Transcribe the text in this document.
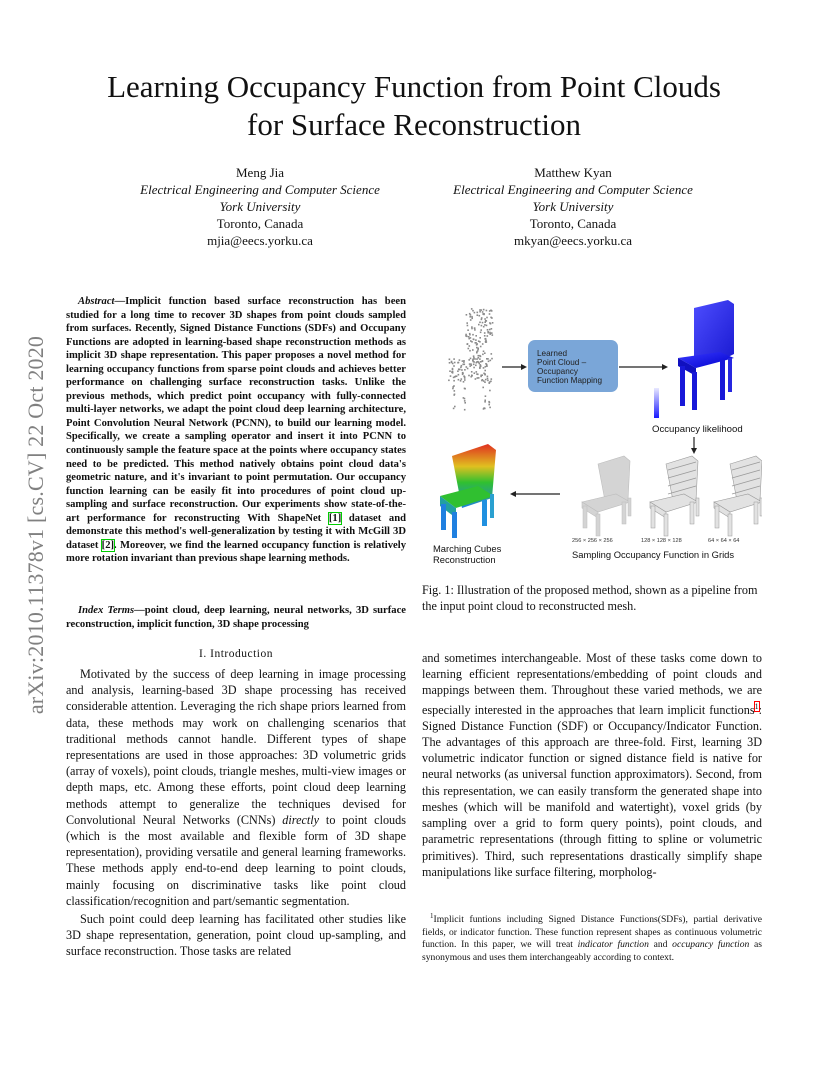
arXiv:2010.11378v1 [cs.CV] 22 Oct 2020
Learning Occupancy Function from Point Clouds
for Surface Reconstruction
Meng Jia
Electrical Engineering and Computer Science
York University
Toronto, Canada
mjia@eecs.yorku.ca
Matthew Kyan
Electrical Engineering and Computer Science
York University
Toronto, Canada
mkyan@eecs.yorku.ca
Abstract—Implicit function based surface reconstruction has been studied for a long time to recover 3D shapes from point clouds sampled from surfaces. Recently, Signed Distance Functions (SDFs) and Occupany Functions are adopted in learning-based shape reconstruction methods as implicit 3D shape representation. This paper proposes a novel method for learning occupancy functions from sparse point clouds and achieves better performance on challenging surface reconstruction tasks. Unlike the previous methods, which predict point occupancy with fully-connected multi-layer networks, we adapt the point cloud deep learning architecture, Point Convolution Neural Network (PCNN), to build our learning model. Specifically, we create a sampling operator and insert it into PCNN to continuously sample the feature space at the points where occupancy states need to be predicted. This method natively obtains point cloud data's geometric nature, and it's invariant to point permutation. Our occupancy function learning can be easily fit into procedures of point cloud up-sampling and surface reconstruction. Our experiments show state-of-the-art performance for reconstructing With ShapeNet [1] dataset and demonstrate this method's well-generalization by testing it with McGill 3D dataset [2]. Moreover, we find the learned occupancy function is relatively more rotation invariant than previous shape learning methods.
Index Terms—point cloud, deep learning, neural networks, 3D surface reconstruction, implicit function, 3D shape processing
I. Introduction

Motivated by the success of deep learning in image processing and analysis, learning-based 3D shape processing has received considerable attention. Leveraging the rich shape priors learned from data, these methods may work on challenging scenarios that traditional methods cannot handle. Different types of shape representations are used in those approaches: 3D volumetric grids (array of voxels), point clouds, triangle meshes, multi-view images or depth maps, etc. Among these efforts, point cloud deep learning methods attempt to generalize the techniques devised for Convolutional Neural Networks (CNNs) directly to point clouds (which is the most available and flexible form of 3D shape representation), providing versatile and general learning frameworks. These methods apply end-to-end deep learning to point clouds, mainly focusing on discriminative tasks like point cloud classification/recognition and part/semantic segmentation.

Such point could deep learning has facilitated other studies like 3D shape representation, generation, point cloud up-sampling, and surface reconstruction. Those tasks are related

and sometimes interchangeable. Most of these tasks come down to learning efficient representations/embedding of point clouds and mappings between them. Throughout these varied methods, we are especially interested in the approaches that learn implicit functions$^1$: Signed Distance Function (SDF) or Occupancy/Indicator Function. The advantages of this approach are three-fold. First, learning 3D volumetric indicator function or signed distance field is native for neural networks (as universal function approximators). Second, from this representation, we can easily transform the generated shape into meshes (which will be manifold and watertight), voxel grids (by sampling over a grid to form query points), point clouds, and parametric representations (through fitting to spline or volumetric primitives). Third, such representations drastically simplify shape manipulations like surface filtering, morpholog-

Learned Point Cloud – Occupancy Function Mapping
Occupancy likelihood
256 × 256 × 256	128 × 128 × 128	64 × 64 × 64
Sampling Occupancy Function in Grids
Marching Cubes Reconstruction
Fig. 1: Illustration of the proposed method, shown as a pipeline from the input point cloud to reconstructed mesh.
$^1$Implicit funtions including Signed Distance Functions(SDFs), partial derivative fields, or indicator function. These function represent shapes as continuous volumetric function. In this paper, we will treat indicator function and occupancy function as synonymous and uses them interchangeably according to context.
